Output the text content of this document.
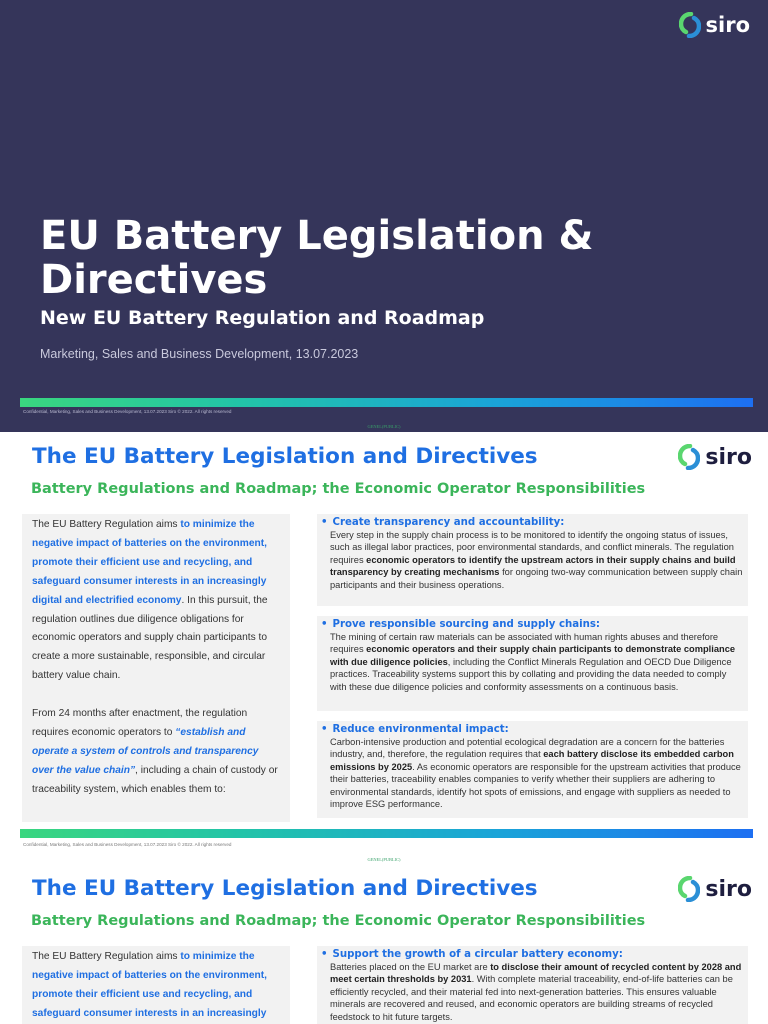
siro
EU Battery Legislation & Directives
New EU Battery Regulation and Roadmap
Marketing, Sales and Business Development, 13.07.2023
Confidential, Marketing, Sales and Business Development, 13.07.2023 Siro © 2022. All rights reserved
GENEL(PUBLIC)
The EU Battery Legislation and Directives	siro
Battery Regulations and Roadmap; the Economic Operator Responsibilities

The EU Battery Regulation aims to minimize the negative impact of batteries on the environment, promote their efficient use and recycling, and safeguard consumer interests in an increasingly digital and electrified economy. In this pursuit, the regulation outlines due diligence obligations for economic operators and supply chain participants to create a more sustainable, responsible, and circular battery value chain.

From 24 months after enactment, the regulation requires economic operators to “establish and operate a system of controls and transparency over the value chain”, including a chain of custody or traceability system, which enables them to:

• Create transparency and accountability:
Every step in the supply chain process is to be monitored to identify the ongoing status of issues, such as illegal labor practices, poor environmental standards, and conflict minerals. The regulation requires economic operators to identify the upstream actors in their supply chains and build transparency by creating mechanisms for ongoing two-way communication between supply chain participants and their business operations.
• Prove responsible sourcing and supply chains:
The mining of certain raw materials can be associated with human rights abuses and therefore requires economic operators and their supply chain participants to demonstrate compliance with due diligence policies, including the Conflict Minerals Regulation and OECD Due Diligence practices. Traceability systems support this by collating and providing the data needed to comply with these due diligence policies and conformity assessments on a continuous basis.
• Reduce environmental impact:
Carbon-intensive production and potential ecological degradation are a concern for the batteries industry, and, therefore, the regulation requires that each battery disclose its embedded carbon emissions by 2025. As economic operators are responsible for the upstream activities that produce their batteries, traceability enables companies to verify whether their suppliers are adhering to environmental standards, identify hot spots of emissions, and engage with suppliers as needed to improve ESG performance.
Confidential, Marketing, Sales and Business Development, 13.07.2023 Siro © 2022. All rights reserved
GENEL(PUBLIC)
The EU Battery Legislation and Directives	siro
Battery Regulations and Roadmap; the Economic Operator Responsibilities

The EU Battery Regulation aims to minimize the negative impact of batteries on the environment, promote their efficient use and recycling, and safeguard consumer interests in an increasingly

• Support the growth of a circular battery economy:
Batteries placed on the EU market are to disclose their amount of recycled content by 2028 and meet certain thresholds by 2031. With complete material traceability, end-of-life batteries can be efficiently recycled, and their material fed into next-generation batteries. This ensures valuable minerals are recovered and reused, and economic operators are building streams of recycled feedstock to hit future targets.
